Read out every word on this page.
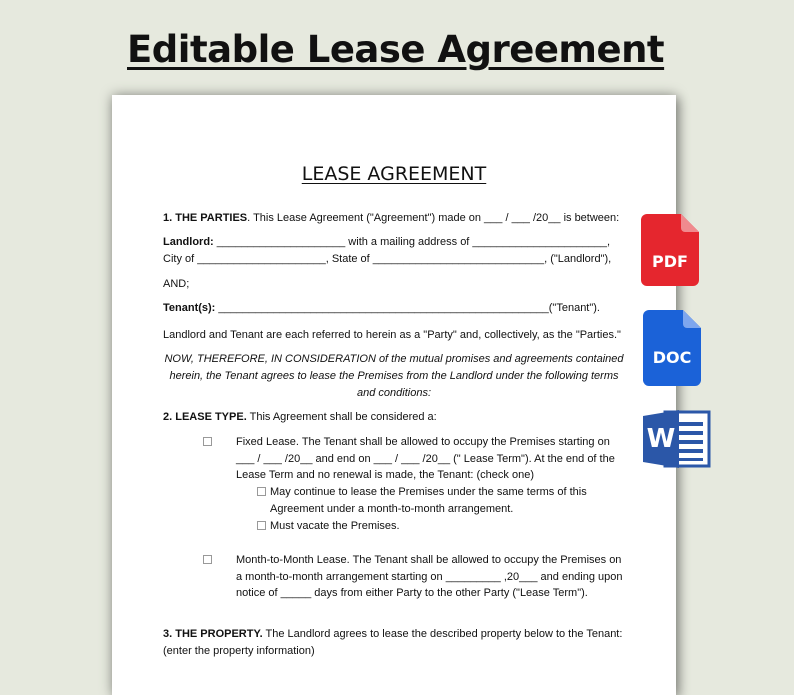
Editable Lease Agreement
LEASE AGREEMENT
1. THE PARTIES. This Lease Agreement ("Agreement") made on ___ / ___ /20__ is between:
Landlord: _____________________ with a mailing address of ______________________,
City of _____________________, State of ____________________________, ("Landlord"),
AND;
Tenant(s): ______________________________________________________("Tenant").
Landlord and Tenant are each referred to herein as a "Party" and, collectively, as the "Parties."
NOW, THEREFORE, IN CONSIDERATION of the mutual promises and agreements contained
herein, the Tenant agrees to lease the Premises from the Landlord under the following terms
and conditions:
2. LEASE TYPE. This Agreement shall be considered a:
Fixed Lease. The Tenant shall be allowed to occupy the Premises starting on
___ / ___ /20__ and end on ___ / ___ /20__ (" Lease Term"). At the end of the
Lease Term and no renewal is made, the Tenant: (check one)
May continue to lease the Premises under the same terms of this
Agreement under a month-to-month arrangement.
Must vacate the Premises.
Month-to-Month Lease. The Tenant shall be allowed to occupy the Premises on
a month-to-month arrangement starting on _________ ,20___ and ending upon
notice of _____ days from either Party to the other Party ("Lease Term").
3. THE PROPERTY. The Landlord agrees to lease the described property below to the Tenant:
(enter the property information)
PDF
DOC
W
